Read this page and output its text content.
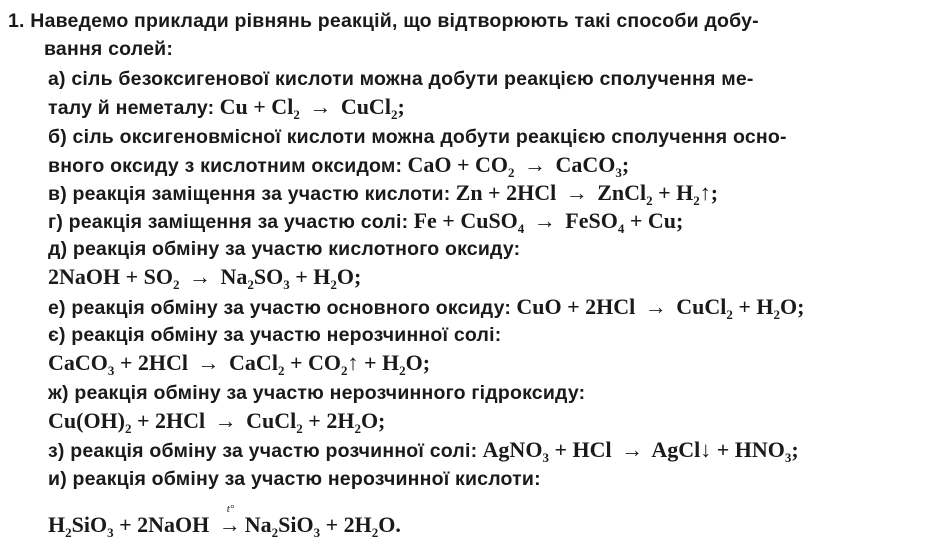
1. Наведемо приклади рівнянь реакцій, що відтворюють такі способи добу-
вання солей:
а) сіль безоксигенової кислоти можна добути реакцією сполучення ме-
талу й неметалу: $Cu + Cl_2$ → CuCl$_2$;
б) сіль оксигеновмісної кислоти можна добути реакцією сполучення осно-
вного оксиду з кислотним оксидом: CaO + $CO_2$ → CaCO$_3$;
в) реакція заміщення за участю кислоти: Zn + 2HCl → ZnCl$_2$ + $H_2↑$;
г) реакція заміщення за участю солі: Fe + CuSO$_4$ → FeSO$_4$ + Cu;
д) реакція обміну за участю кислотного оксиду:
2NaOH + $SO_2 \to Na_2SO_3 + H_2O$;
е) реакція обміну за участю основного оксиду: CuO + 2HCl → CuCl$_2$ + $H_2O$;
є) реакція обміну за участю нерозчинної солі:
CaCO$_3$ + 2HCl → CaCl$_2$ + $CO_2↑ + H_2O$;
ж) реакція обміну за участю нерозчинного гідроксиду:
$Cu(OH)_2 + 2HCl$ → CuCl$_2$ + $2H_2O$;
з) реакція обміну за участю розчинної солі: AgNO$_3$ + HCl → AgCl↓ + $HNO_3$;
и) реакція обміну за участю нерозчинної кислоти:
$H_2SiO_3$ + 2NaOH
t°
→ $Na_2SiO_3 + 2H_2O$.
